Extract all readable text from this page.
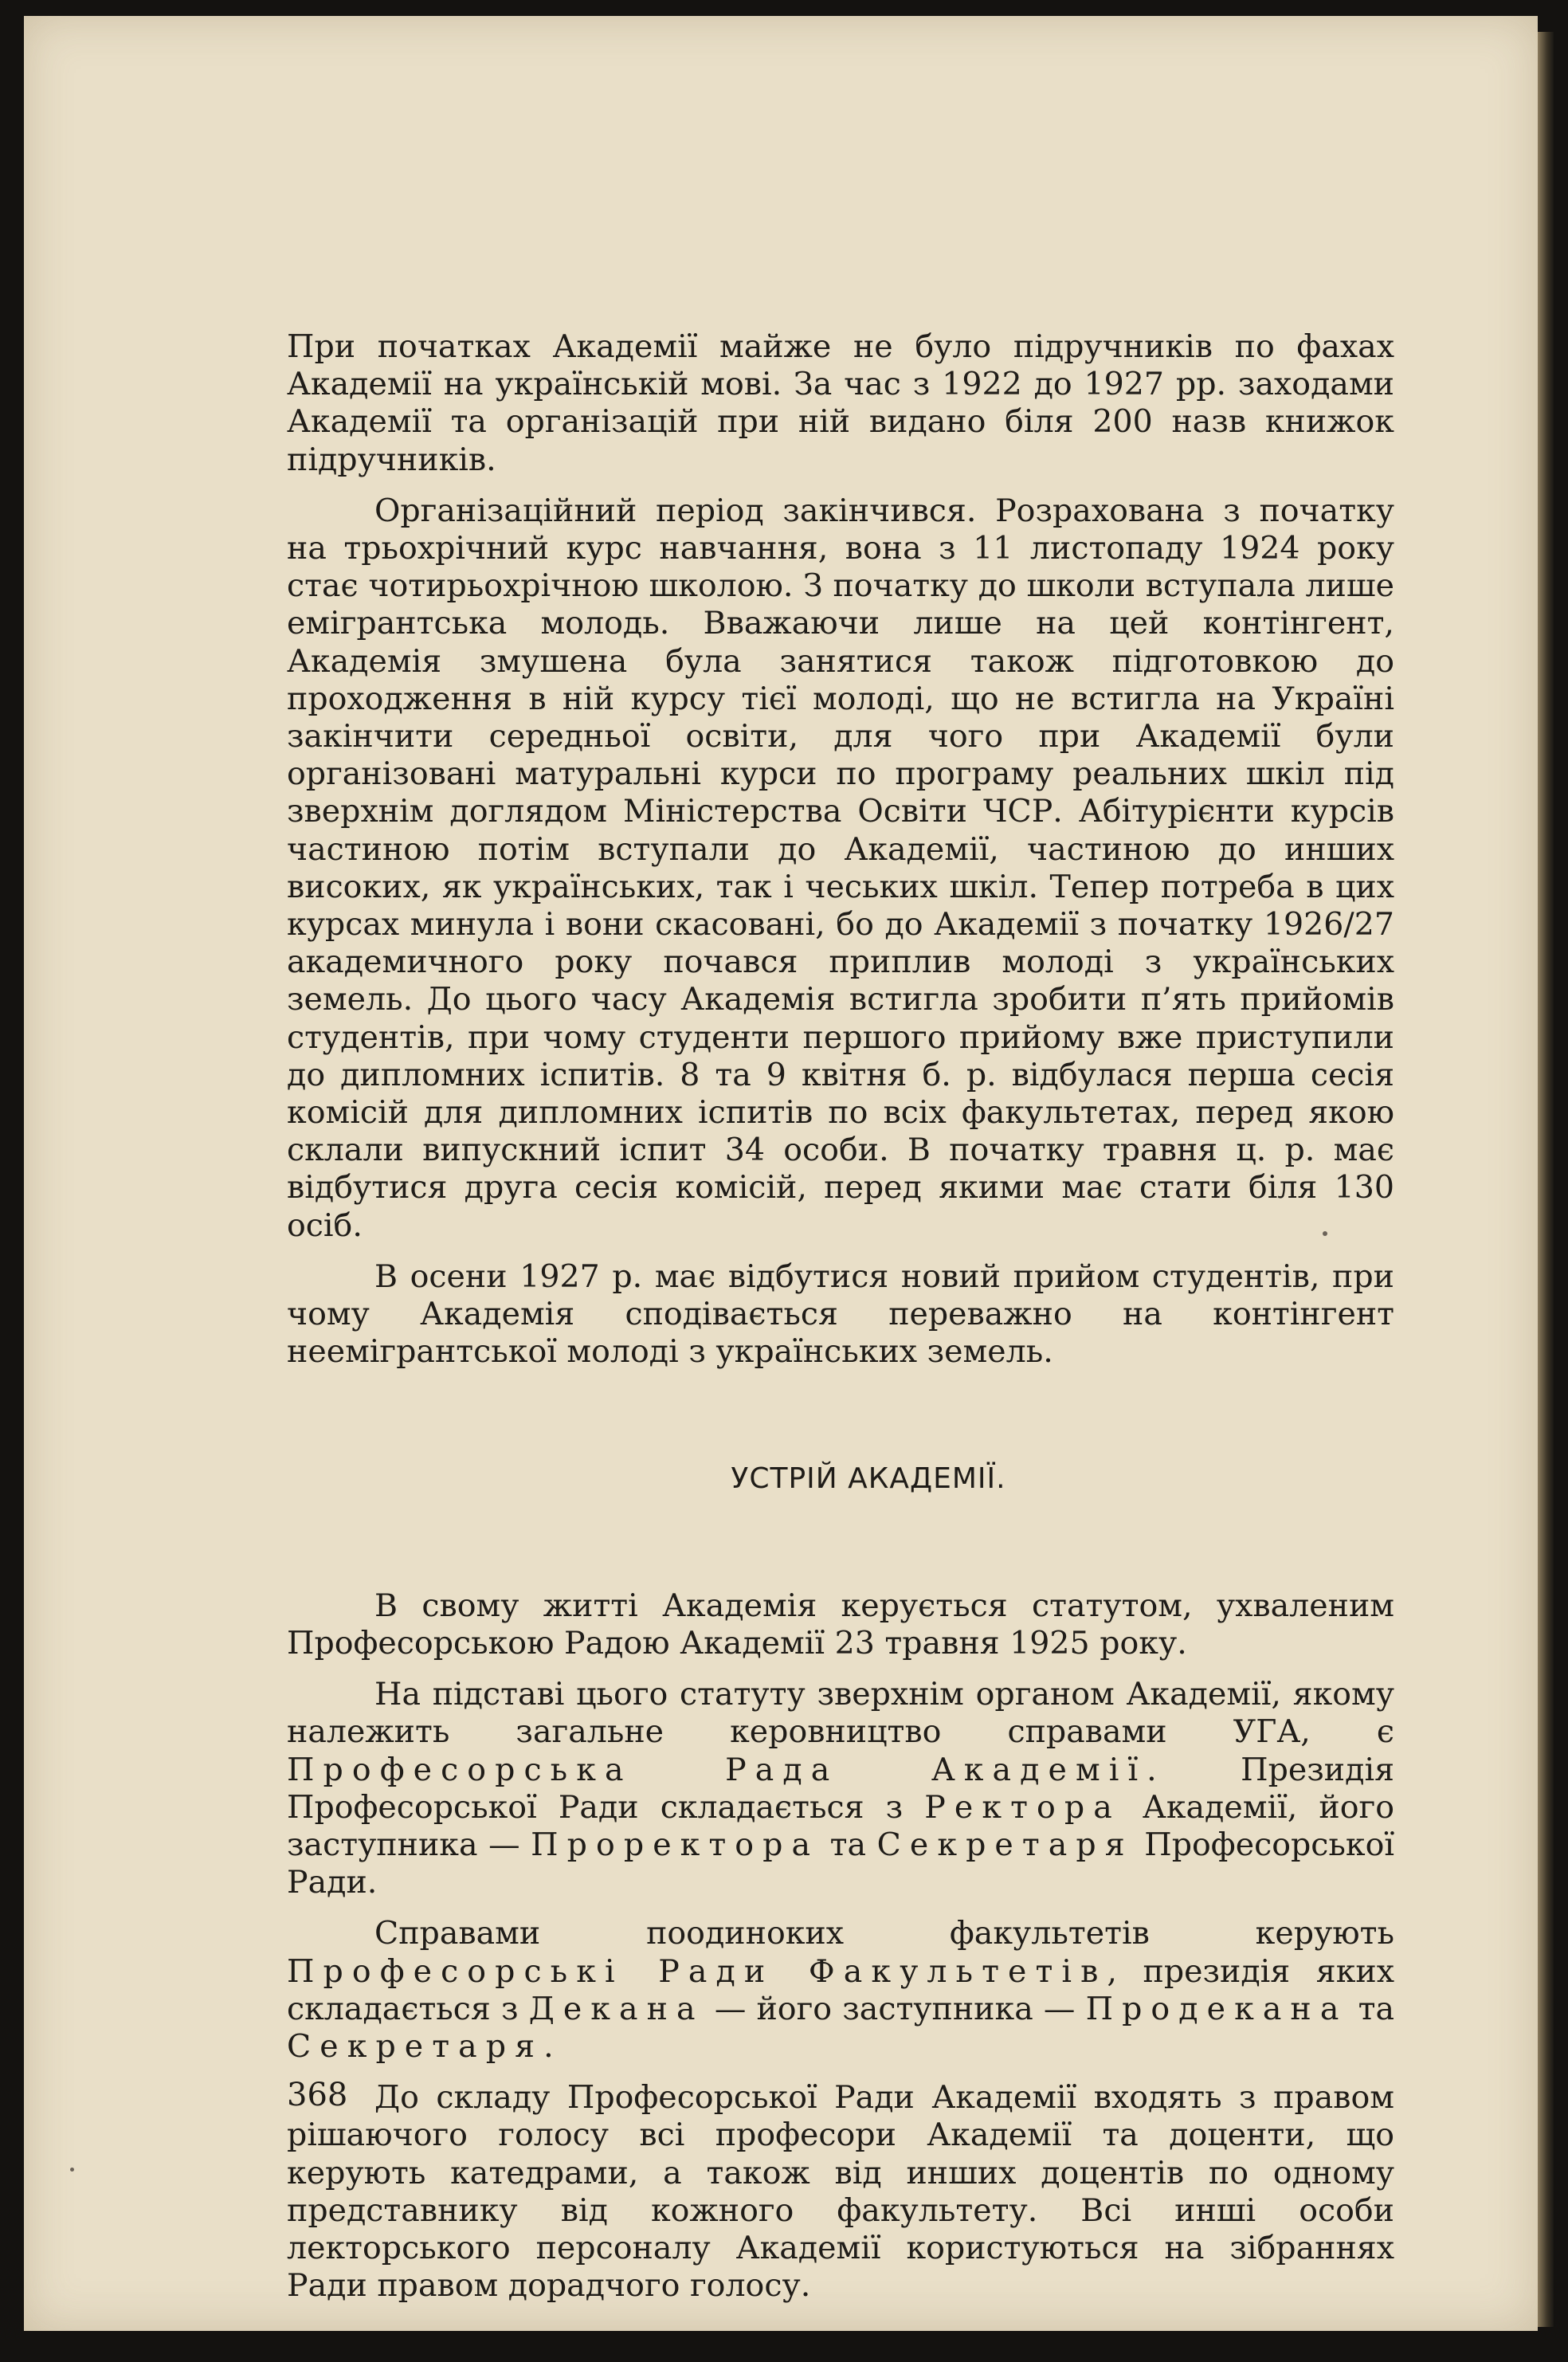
При початках Академії майже не було підручників по фахах Академії на українській мові. За час з 1922 до 1927 рр. заходами Академії та організацій при ній видано біля 200 назв книжок підручників.

Організаційний період закінчився. Розрахована з початку на трьохрічний курс навчання, вона з 11 листопаду 1924 року стає чотирьохрічною школою. З початку до школи вступала лише емігрантська молодь. Вважаючи лише на цей контінгент, Академія змушена була занятися також підготовкою до проходження в ній курсу тієї молоді, що не встигла на Україні закінчити середньої освіти, для чого при Академії були організовані матуральні курси по програму реальних шкіл під зверхнім доглядом Міністерства Освіти ЧСР. Абітурієнти курсів частиною потім вступали до Академії, частиною до инших високих, як українських, так і чеських шкіл. Тепер потреба в цих курсах минула і вони скасовані, бо до Академії з початку 1926/27 академичного року почався приплив молоді з українських земель. До цього часу Академія встигла зробити п’ять прийомів студентів, при чому студенти першого прийому вже приступили до дипломних іспитів. 8 та 9 квітня б. р. відбулася перша сесія комісій для дипломних іспитів по всіх факультетах, перед якою склали випускний іспит 34 особи. В початку травня ц. р. має відбутися друга сесія комісій, перед якими має стати біля 130 осіб.

В осени 1927 р. має відбутися новий прийом студентів, при чому Академія сподівається переважно на контінгент неемігрантської молоді з українських земель.

УСТРІЙ АКАДЕМІЇ.

В свому житті Академія керується статутом, ухваленим Професорською Радою Академії 23 травня 1925 року.

На підставі цього статуту зверхнім органом Академії, якому належить загальне керовництво справами УГА, є Професорська Рада Академії. Президія Професорської Ради складається з Ректора Академії, його заступника — Проректора та Секретаря Професорської Ради.

Справами поодиноких факультетів керують Професорські Ради Факультетів, президія яких складається з Декана — його заступника — Продекана та Секретаря.

До складу Професорської Ради Академії входять з правом рішаючого голосу всі професори Академії та доценти, що керують катедрами, а також від инших доцентів по одному представнику від кожного факультету. Всі инші особи лекторського персоналу Академії користуються на зібраннях Ради правом дорадчого голосу.

368
